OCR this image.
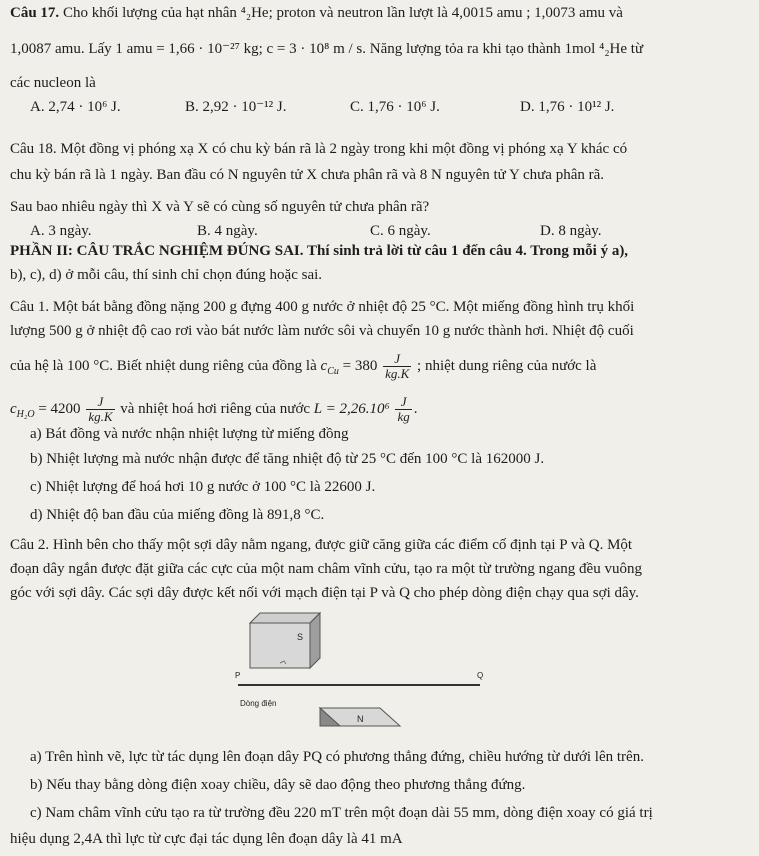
Câu 17. Cho khối lượng của hạt nhân ⁴₂He; proton và neutron lần lượt là 4,0015 amu ; 1,0073 amu và
1,0087 amu. Lấy 1 amu = 1,66 · 10⁻²⁷ kg; c = 3 · 10⁸ m / s. Năng lượng tỏa ra khi tạo thành 1mol ⁴₂He từ
các nucleon là
A. 2,74 · 10⁶ J.	B. 2,92 · 10⁻¹² J.	C. 1,76 · 10⁶ J.	D. 1,76 · 10¹² J.
Câu 18. Một đồng vị phóng xạ X có chu kỳ bán rã là 2 ngày trong khi một đồng vị phóng xạ Y khác có
chu kỳ bán rã là 1 ngày. Ban đầu có N nguyên tử X chưa phân rã và 8 N nguyên tử Y chưa phân rã.
Sau bao nhiêu ngày thì X và Y sẽ có cùng số nguyên tử chưa phân rã?
A. 3 ngày.	B. 4 ngày.	C. 6 ngày.	D. 8 ngày.
PHẦN II: CÂU TRẮC NGHIỆM ĐÚNG SAI. Thí sinh trả lời từ câu 1 đến câu 4. Trong mỗi ý a),
b), c), d) ở mỗi câu, thí sinh chỉ chọn đúng hoặc sai.
Câu 1. Một bát bằng đồng nặng 200 g đựng 400 g nước ở nhiệt độ 25 °C. Một miếng đồng hình trụ khối
lượng 500 g ở nhiệt độ cao rơi vào bát nước làm nước sôi và chuyển 10 g nước thành hơi. Nhiệt độ cuối
của hệ là 100 °C. Biết nhiệt dung riêng của đồng là $c_{Cu} = 380 \frac{J}{kg.K}$ ; nhiệt dung riêng của nước là
$c_{H_2O} = 4200 \frac{J}{kg.K}$ và nhiệt hoá hơi riêng của nước $L = 2,26.10^6 \frac{J}{kg}$ .
a) Bát đồng và nước nhận nhiệt lượng từ miếng đồng
b) Nhiệt lượng mà nước nhận được để tăng nhiệt độ từ 25 °C đến 100 °C là 162000 J.
c) Nhiệt lượng để hoá hơi 10 g nước ở 100 °C là 22600 J.
d) Nhiệt độ ban đầu của miếng đồng là 891,8 °C.
Câu 2. Hình bên cho thấy một sợi dây nằm ngang, được giữ căng giữa các điểm cố định tại P và Q. Một
đoạn dây ngắn được đặt giữa các cực của một nam châm vĩnh cửu, tạo ra một từ trường ngang đều vuông
góc với sợi dây. Các sợi dây được kết nối với mạch điện tại P và Q cho phép dòng điện chạy qua sợi dây.
S
P	Q
Dòng điện
N
a) Trên hình vẽ, lực từ tác dụng lên đoạn dây PQ có phương thẳng đứng, chiều hướng từ dưới lên trên.
b) Nếu thay bằng dòng điện xoay chiều, dây sẽ dao động theo phương thẳng đứng.
c) Nam châm vĩnh cửu tạo ra từ trường đều 220 mT trên một đoạn dài 55 mm, dòng điện xoay có giá trị
hiệu dụng 2,4A thì lực từ cực đại tác dụng lên đoạn dây là 41 mA
